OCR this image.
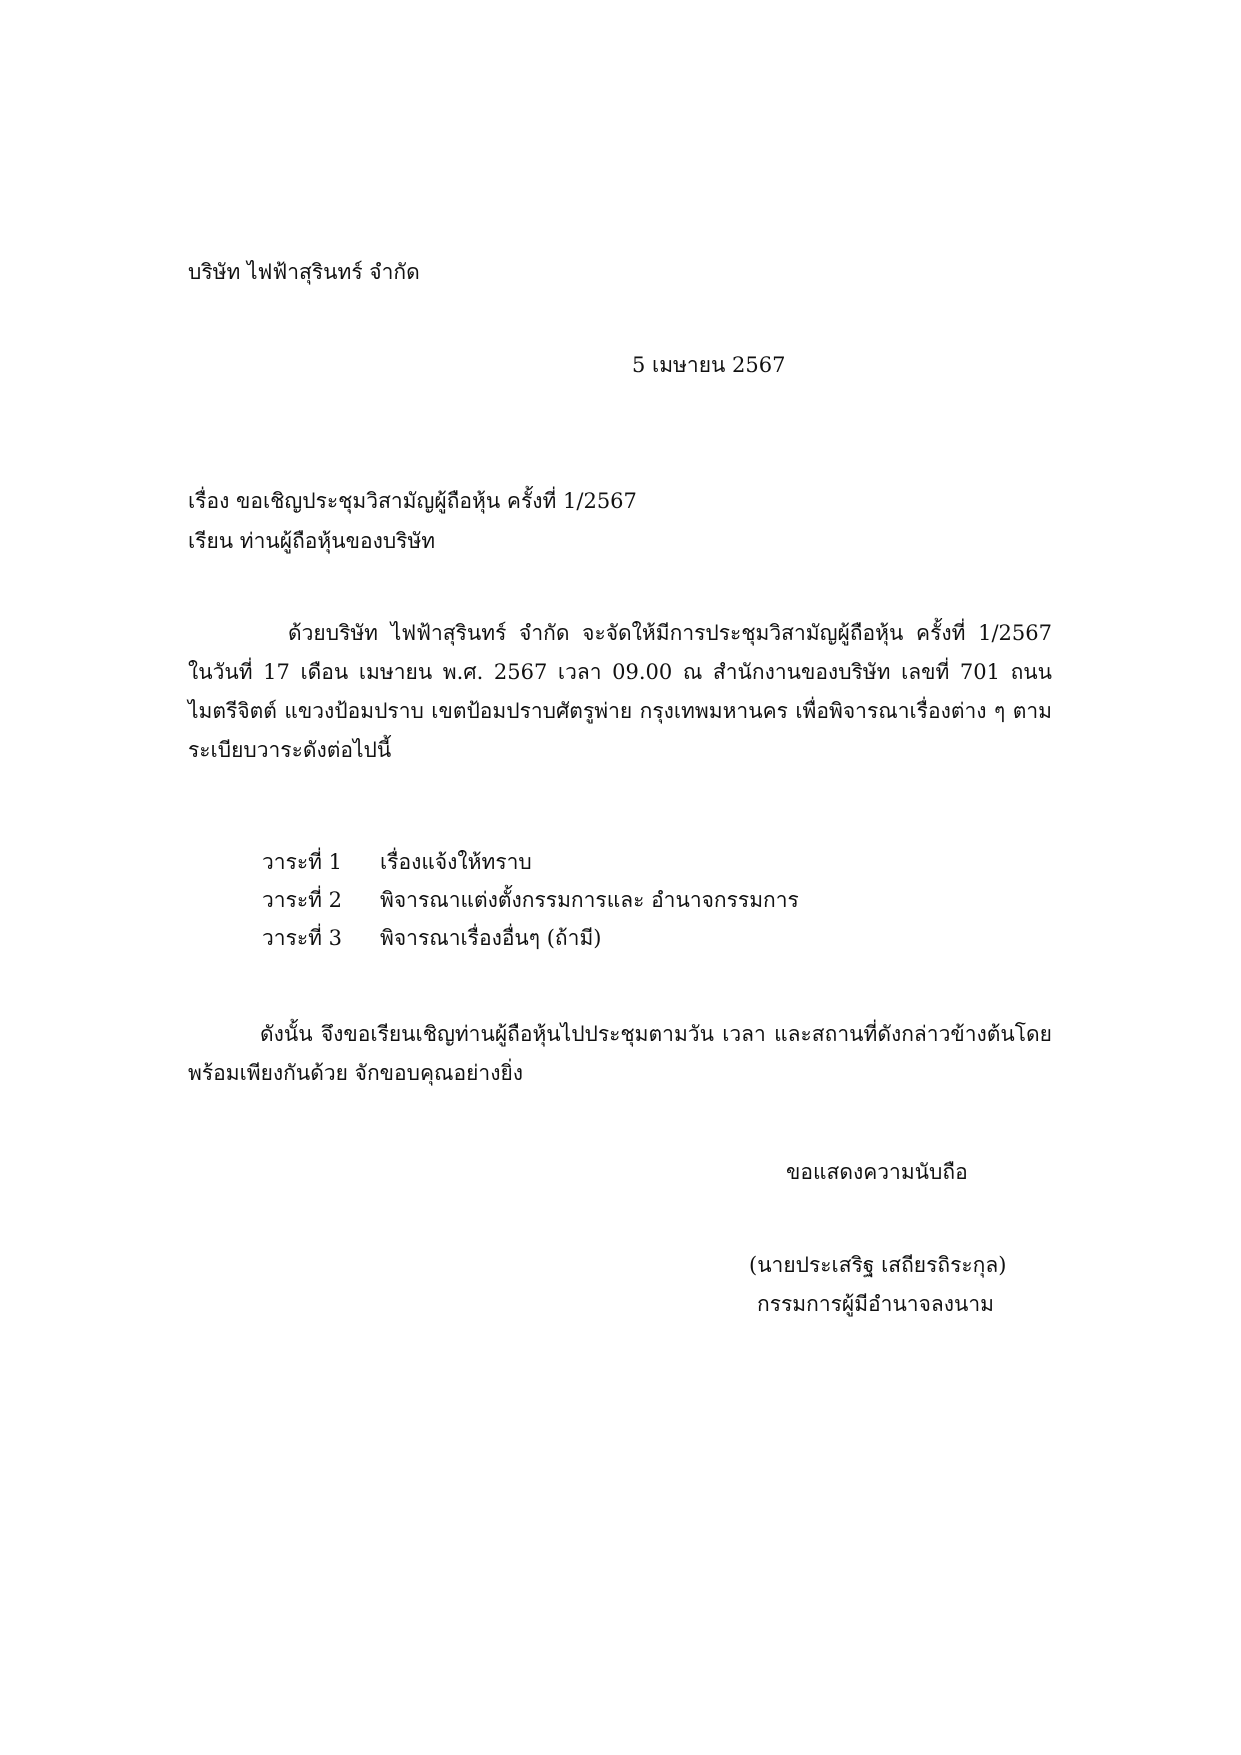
บริษัท ไฟฟ้าสุรินทร์ จำกัด
5 เมษายน 2567
เรื่อง ขอเชิญประชุมวิสามัญผู้ถือหุ้น ครั้งที่ 1/2567
เรียน ท่านผู้ถือหุ้นของบริษัท
ด้วยบริษัท ไฟฟ้าสุรินทร์ จำกัด จะจัดให้มีการประชุมวิสามัญผู้ถือหุ้น ครั้งที่ 1/2567 ในวันที่ 17 เดือน เมษายน พ.ศ. 2567 เวลา 09.00 ณ สำนักงานของบริษัท เลขที่ 701 ถนนไมตรีจิตต์ แขวงป้อมปราบ เขตป้อมปราบศัตรูพ่าย กรุงเทพมหานคร เพื่อพิจารณาเรื่องต่าง ๆ ตามระเบียบวาระดังต่อไปนี้
วาระที่ 1	เรื่องแจ้งให้ทราบ
วาระที่ 2	พิจารณาแต่งตั้งกรรมการและ อำนาจกรรมการ
วาระที่ 3	พิจารณาเรื่องอื่นๆ (ถ้ามี)
ดังนั้น จึงขอเรียนเชิญท่านผู้ถือหุ้นไปประชุมตามวัน เวลา และสถานที่ดังกล่าวข้างต้นโดยพร้อมเพียงกันด้วย จักขอบคุณอย่างยิ่ง
ขอแสดงความนับถือ
(นายประเสริฐ เสถียรถิระกุล)
กรรมการผู้มีอำนาจลงนาม
